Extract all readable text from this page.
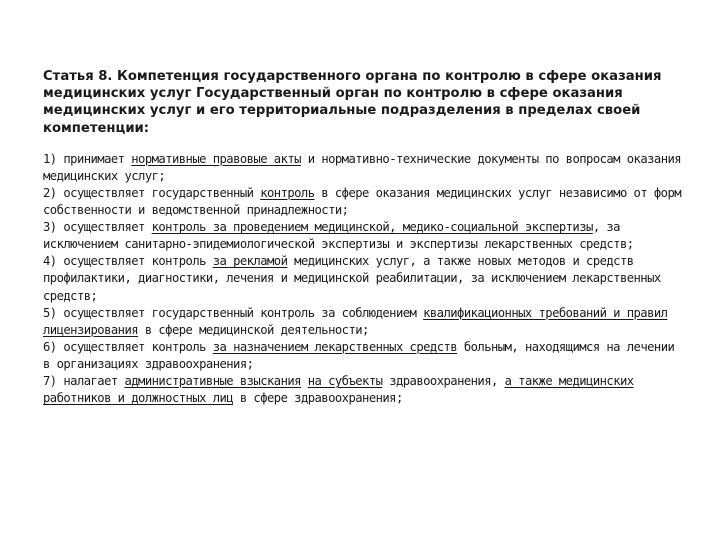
Статья 8. Компетенция государственного органа по контролю в сфере оказания медицинских услуг Государственный орган по контролю в сфере оказания медицинских услуг и его территориальные подразделения в пределах своей компетенции:

1) принимает нормативные правовые акты и нормативно-технические документы по вопросам оказания медицинских услуг;

2) осуществляет государственный контроль в сфере оказания медицинских услуг независимо от форм собственности и ведомственной принадлежности;

3) осуществляет контроль за проведением медицинской, медико-социальной экспертизы, за исключением санитарно-эпидемиологической экспертизы и экспертизы лекарственных средств;

4) осуществляет контроль за рекламой медицинских услуг, а также новых методов и средств профилактики, диагностики, лечения и медицинской реабилитации, за исключением лекарственных средств;

5) осуществляет государственный контроль за соблюдением квалификационных требований и правил лицензирования в сфере медицинской деятельности;

6) осуществляет контроль за назначением лекарственных средств больным, находящимся на лечении в организациях здравоохранения;

7) налагает административные взыскания на субъекты здравоохранения, а также медицинских работников и должностных лиц в сфере здравоохранения;
